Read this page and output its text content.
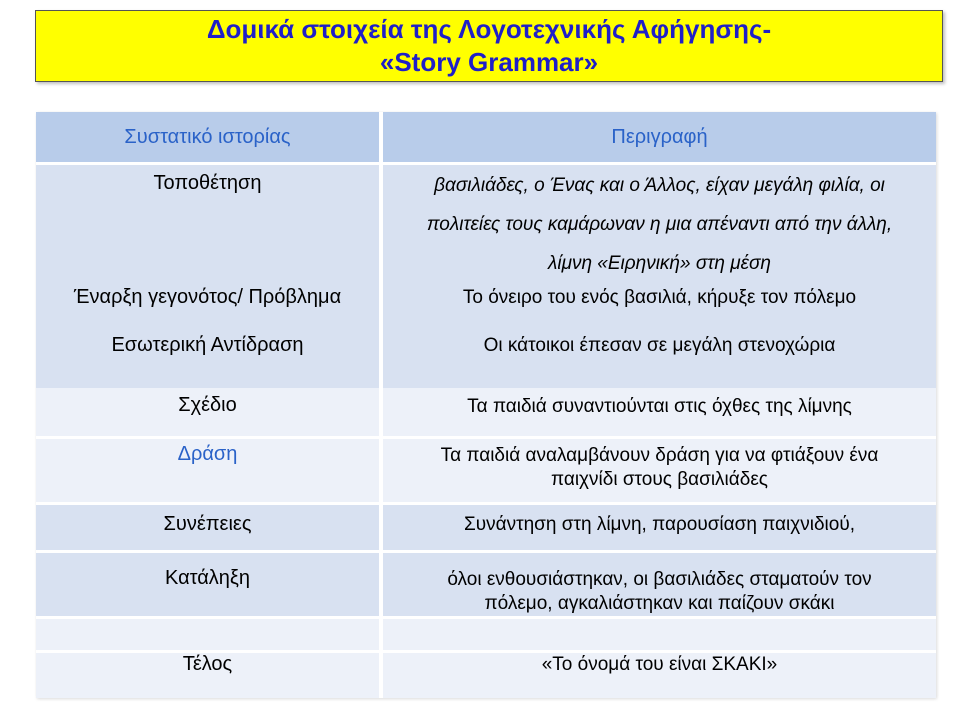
Δομικά στοιχεία της Λογοτεχνικής Αφήγησης-
«Story Grammar»
Συστατικό ιστορίας	Περιγραφή
Τοποθέτηση
Έναρξη γεγονότος/ Πρόβλημα
Εσωτερική Αντίδραση
Σχέδιο
Δράση
Συνέπειες
Κατάληξη
Τέλος
βασιλιάδες, ο Ένας και ο Άλλος, είχαν μεγάλη φιλία, οι
πολιτείες τους καμάρωναν η μια απέναντι από την άλλη,
λίμνη «Ειρηνική» στη μέση
Το όνειρο του ενός βασιλιά, κήρυξε τον πόλεμο
Οι κάτοικοι έπεσαν σε μεγάλη στενοχώρια
Τα παιδιά συναντιούνται στις όχθες της λίμνης
Τα παιδιά αναλαμβάνουν δράση για να φτιάξουν ένα
παιχνίδι στους βασιλιάδες
Συνάντηση στη λίμνη, παρουσίαση παιχνιδιού,
όλοι ενθουσιάστηκαν, οι βασιλιάδες σταματούν τον
πόλεμο, αγκαλιάστηκαν και παίζουν σκάκι
«Το όνομά του είναι ΣΚΑΚΙ»
